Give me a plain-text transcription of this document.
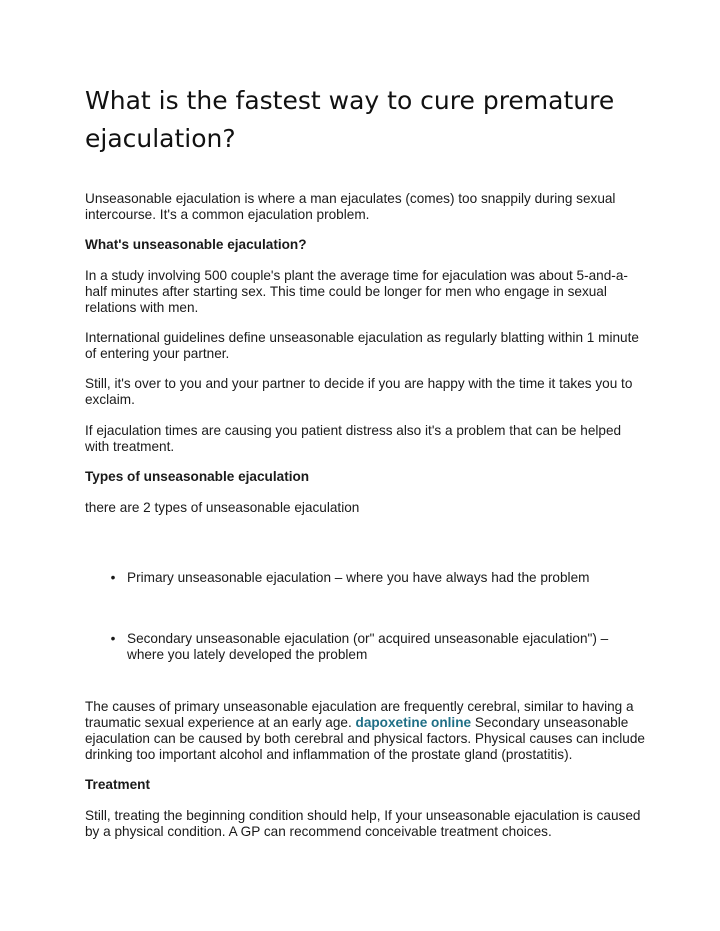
What is the fastest way to cure premature ejaculation?

Unseasonable ejaculation is where a man ejaculates (comes) too snappily during sexual intercourse. It's a common ejaculation problem.

What's unseasonable ejaculation?

In a study involving 500 couple's plant the average time for ejaculation was about 5-and-a-half minutes after starting sex. This time could be longer for men who engage in sexual relations with men.

International guidelines define unseasonable ejaculation as regularly blatting within 1 minute of entering your partner.

Still, it's over to you and your partner to decide if you are happy with the time it takes you to exclaim.

If ejaculation times are causing you patient distress also it's a problem that can be helped with treatment.

Types of unseasonable ejaculation

there are 2 types of unseasonable ejaculation

• Primary unseasonable ejaculation – where you have always had the problem
• Secondary unseasonable ejaculation (or" acquired unseasonable ejaculation") – where you lately developed the problem

The causes of primary unseasonable ejaculation are frequently cerebral, similar to having a traumatic sexual experience at an early age. dapoxetine online Secondary unseasonable ejaculation can be caused by both cerebral and physical factors. Physical causes can include drinking too important alcohol and inflammation of the prostate gland (prostatitis).

Treatment

Still, treating the beginning condition should help, If your unseasonable ejaculation is caused by a physical condition. A GP can recommend conceivable treatment choices.
